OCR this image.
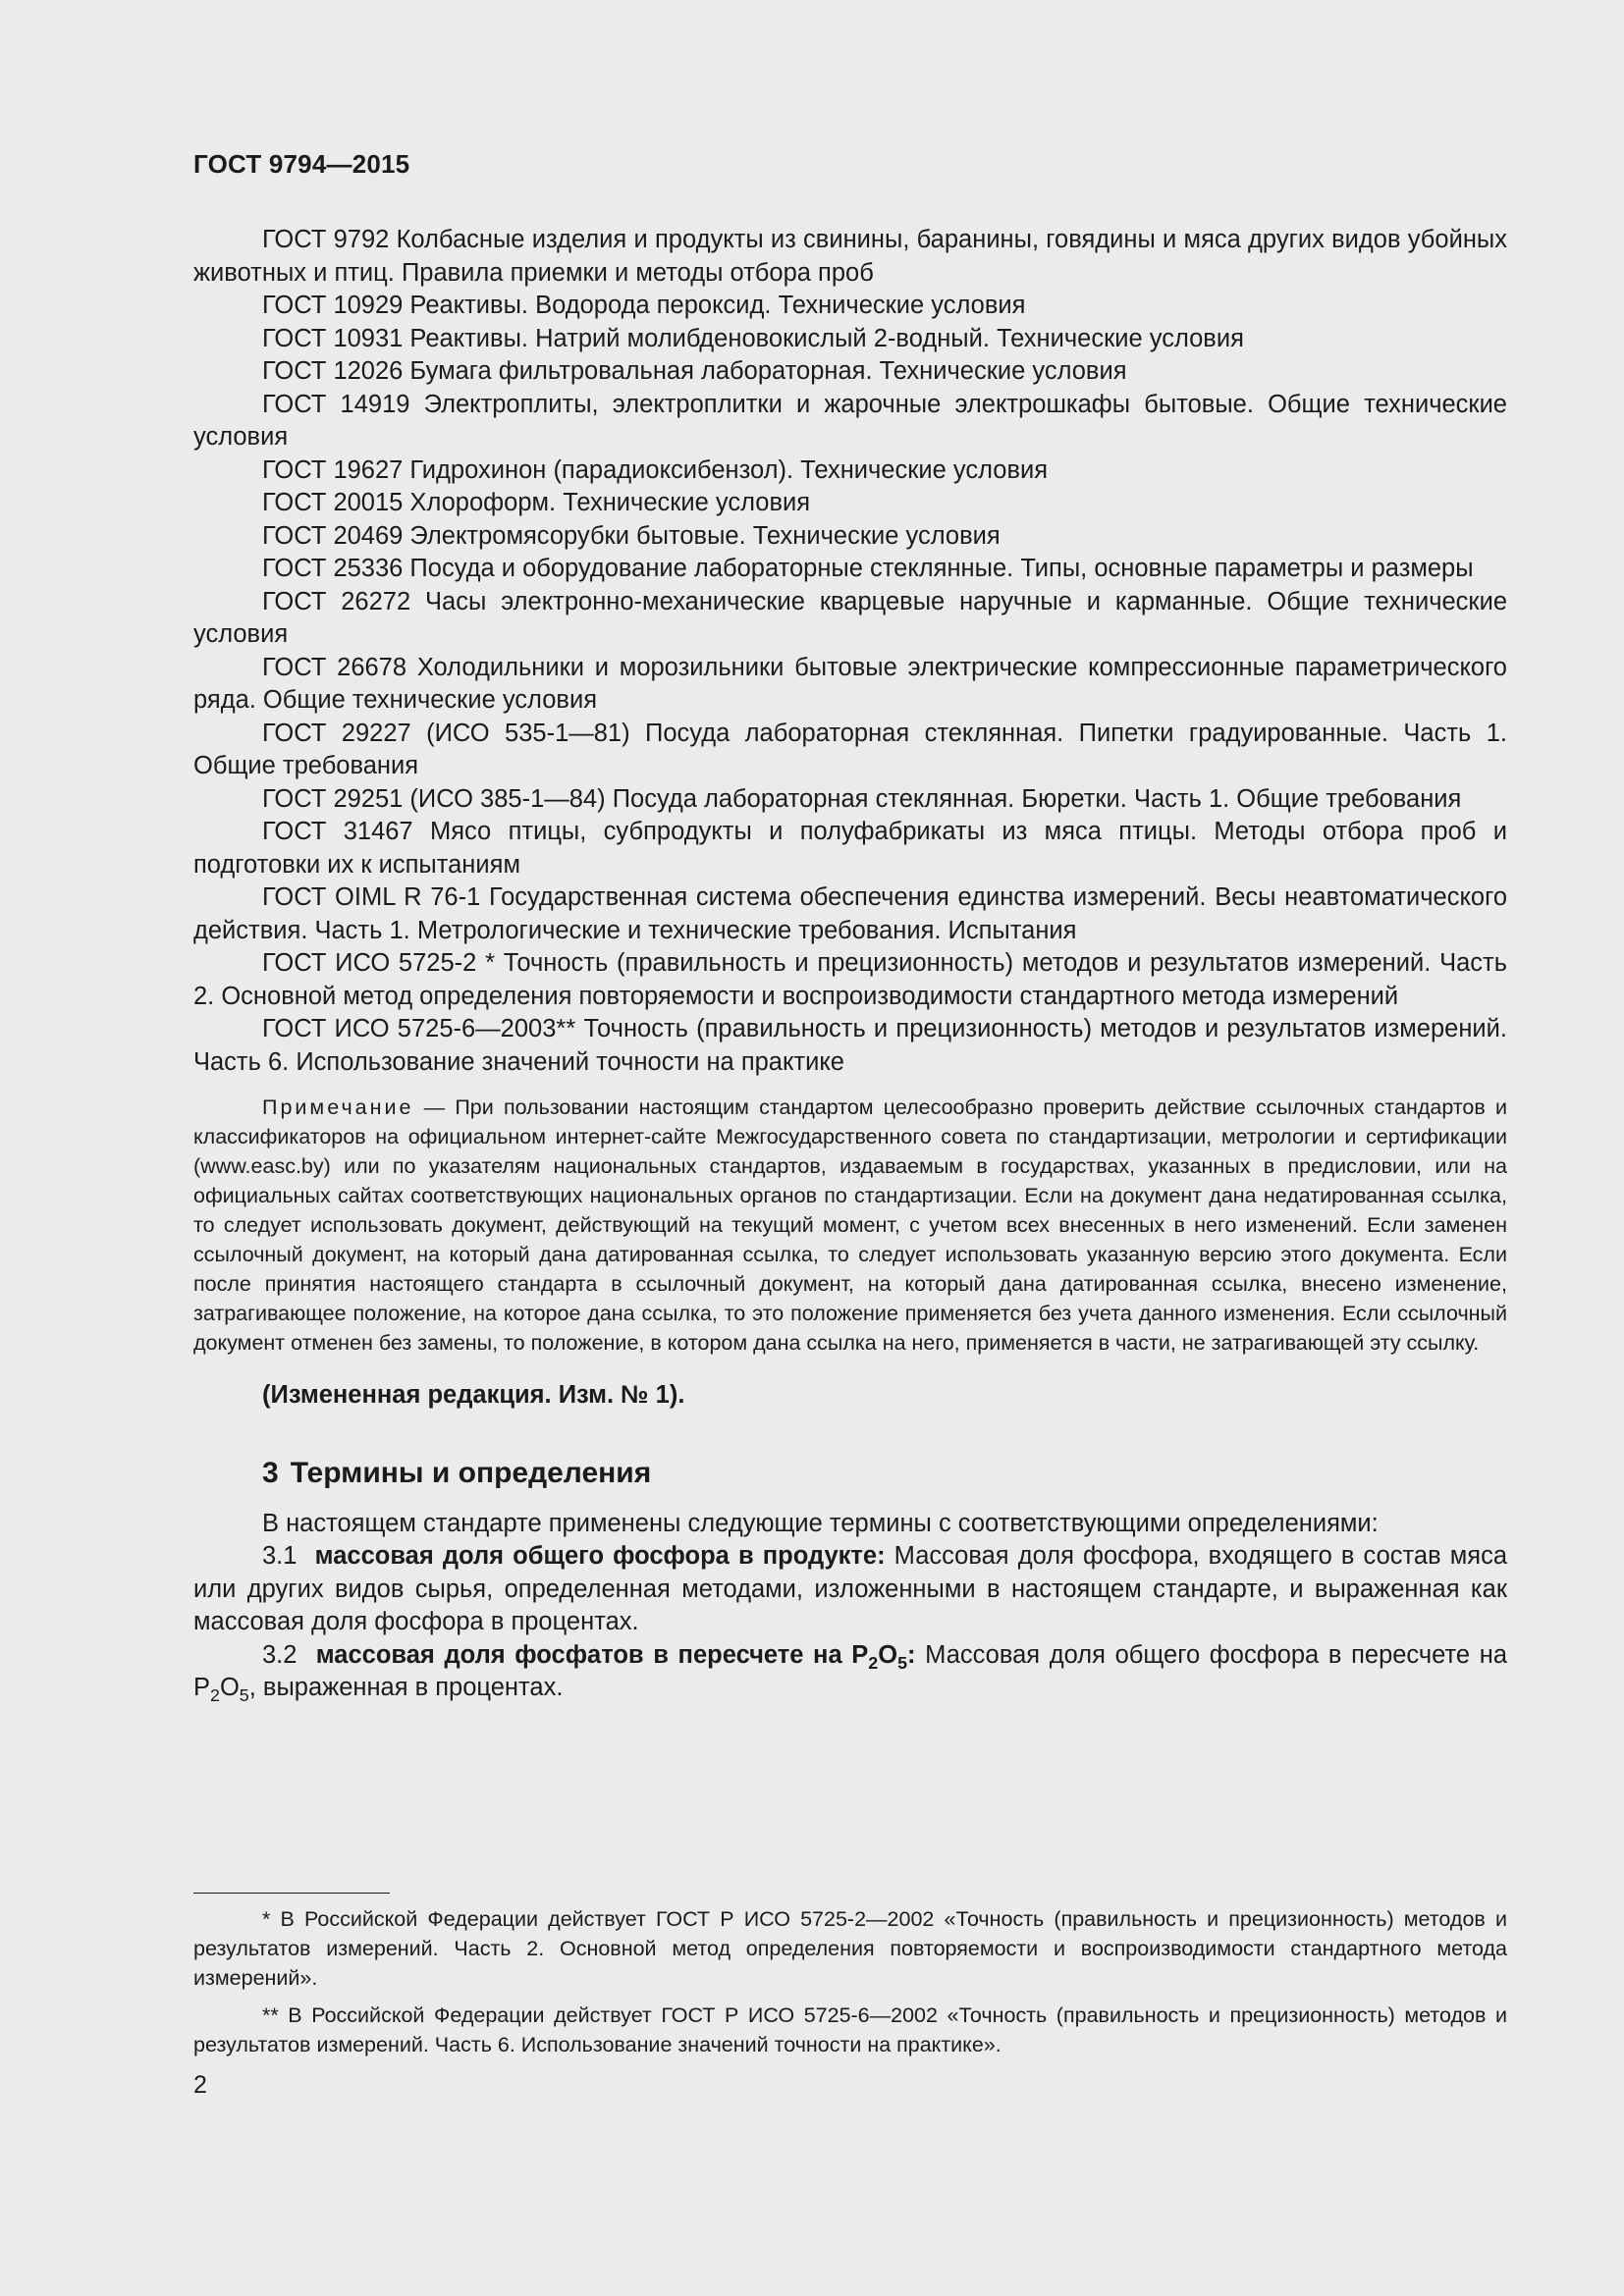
ГОСТ 9794—2015

ГОСТ 9792 Колбасные изделия и продукты из свинины, баранины, говядины и мяса других видов убойных животных и птиц. Правила приемки и методы отбора проб

ГОСТ 10929 Реактивы. Водорода пероксид. Технические условия

ГОСТ 10931 Реактивы. Натрий молибденовокислый 2-водный. Технические условия

ГОСТ 12026 Бумага фильтровальная лабораторная. Технические условия

ГОСТ 14919 Электроплиты, электроплитки и жарочные электрошкафы бытовые. Общие технические условия

ГОСТ 19627 Гидрохинон (парадиоксибензол). Технические условия

ГОСТ 20015 Хлороформ. Технические условия

ГОСТ 20469 Электромясорубки бытовые. Технические условия

ГОСТ 25336 Посуда и оборудование лабораторные стеклянные. Типы, основные параметры и размеры

ГОСТ 26272 Часы электронно-механические кварцевые наручные и карманные. Общие технические условия

ГОСТ 26678 Холодильники и морозильники бытовые электрические компрессионные параметрического ряда. Общие технические условия

ГОСТ 29227 (ИСО 535-1—81) Посуда лабораторная стеклянная. Пипетки градуированные. Часть 1. Общие требования

ГОСТ 29251 (ИСО 385-1—84) Посуда лабораторная стеклянная. Бюретки. Часть 1. Общие требования

ГОСТ 31467 Мясо птицы, субпродукты и полуфабрикаты из мяса птицы. Методы отбора проб и подготовки их к испытаниям

ГОСТ OIML R 76-1 Государственная система обеспечения единства измерений. Весы неавтоматического действия. Часть 1. Метрологические и технические требования. Испытания

ГОСТ ИСО 5725-2 * Точность (правильность и прецизионность) методов и результатов измерений. Часть 2. Основной метод определения повторяемости и воспроизводимости стандартного метода измерений

ГОСТ ИСО 5725-6—2003** Точность (правильность и прецизионность) методов и результатов измерений. Часть 6. Использование значений точности на практике

Примечание — При пользовании настоящим стандартом целесообразно проверить действие ссылочных стандартов и классификаторов на официальном интернет-сайте Межгосударственного совета по стандартизации, метрологии и сертификации (www.easc.by) или по указателям национальных стандартов, издаваемым в государствах, указанных в предисловии, или на официальных сайтах соответствующих национальных органов по стандартизации. Если на документ дана недатированная ссылка, то следует использовать документ, действующий на текущий момент, с учетом всех внесенных в него изменений. Если заменен ссылочный документ, на который дана датированная ссылка, то следует использовать указанную версию этого документа. Если после принятия настоящего стандарта в ссылочный документ, на который дана датированная ссылка, внесено изменение, затрагивающее положение, на которое дана ссылка, то это положение применяется без учета данного изменения. Если ссылочный документ отменен без замены, то положение, в котором дана ссылка на него, применяется в части, не затрагивающей эту ссылку.

(Измененная редакция. Изм. № 1).

3 Термины и определения

В настоящем стандарте применены следующие термины с соответствующими определениями:

3.1 массовая доля общего фосфора в продукте: Массовая доля фосфора, входящего в состав мяса или других видов сырья, определенная методами, изложенными в настоящем стандарте, и выраженная как массовая доля фосфора в процентах.

3.2 массовая доля фосфатов в пересчете на $P_2O_5$: Массовая доля общего фосфора в пересчете на $P_2O_5$, выраженная в процентах.

* В Российской Федерации действует ГОСТ Р ИСО 5725-2—2002 «Точность (правильность и прецизионность) методов и результатов измерений. Часть 2. Основной метод определения повторяемости и воспроизводимости стандартного метода измерений».

** В Российской Федерации действует ГОСТ Р ИСО 5725-6—2002 «Точность (правильность и прецизионность) методов и результатов измерений. Часть 6. Использование значений точности на практике».

2
